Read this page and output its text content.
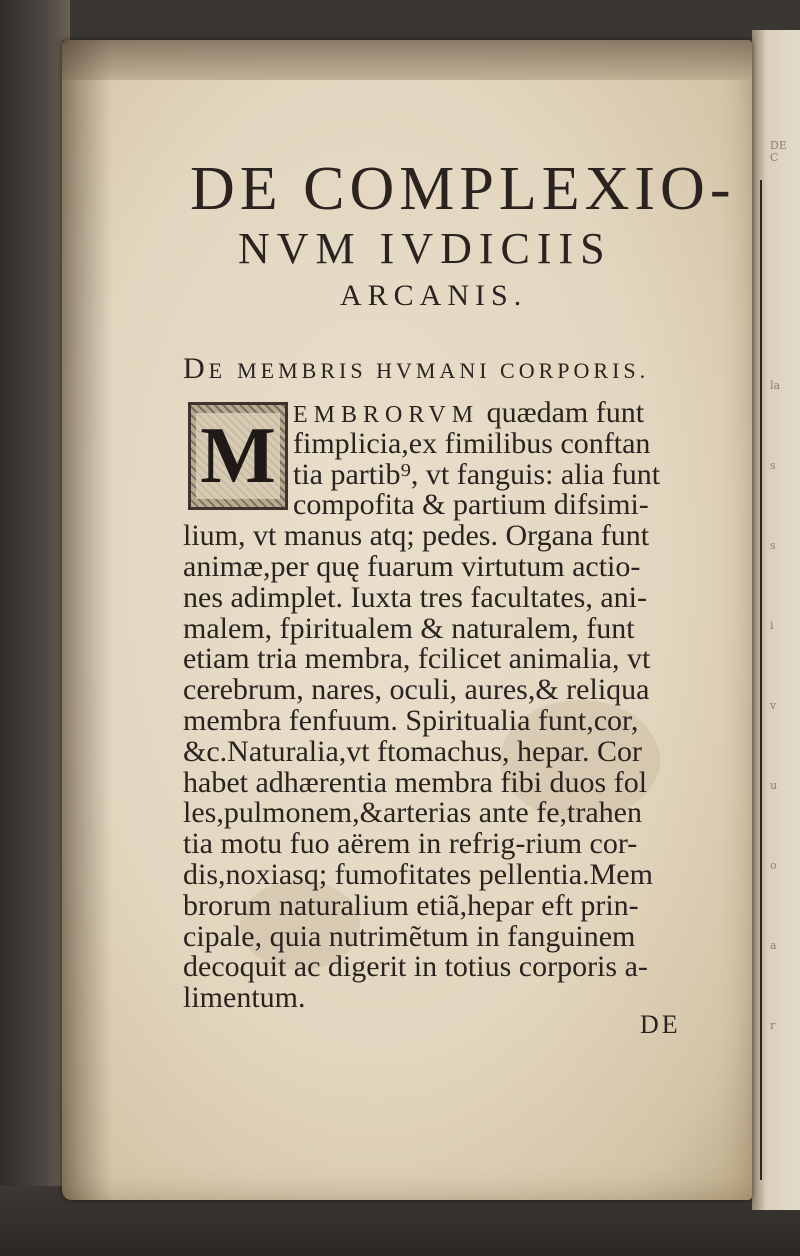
DE C
DE COMPLEXIO-
NVM IVDICIIS
ARCANIS.
DE MEMBRIS HVMANI CORPORIS.
M EMBRORVM quædam funt
fimplicia,ex fimilibus conftan
tia partib⁹, vt fanguis: alia funt
compofita & partium difsimi-
lium, vt manus atq; pedes. Organa funt
animæ,per quę fuarum virtutum actio-
nes adimplet. Iuxta tres facultates, ani-
malem, fpiritualem & naturalem, funt
etiam tria membra, fcilicet animalia, vt
cerebrum, nares, oculi, aures,& reliqua
membra fenfuum. Spiritualia funt,cor,
&c.Naturalia,vt ftomachus, hepar. Cor
habet adhærentia membra fibi duos fol
les,pulmonem,&arterias ante fe,trahen
tia motu fuo aërem in refrig-rium cor-
dis,noxiasq; fumofitates pellentia.Mem
brorum naturalium etiã,hepar eft prin-
cipale, quia nutrimẽtum in fanguinem
decoquit ac digerit in totius corporis a-
limentum.
DE
la
s
s
i
v
u
o
a
r
